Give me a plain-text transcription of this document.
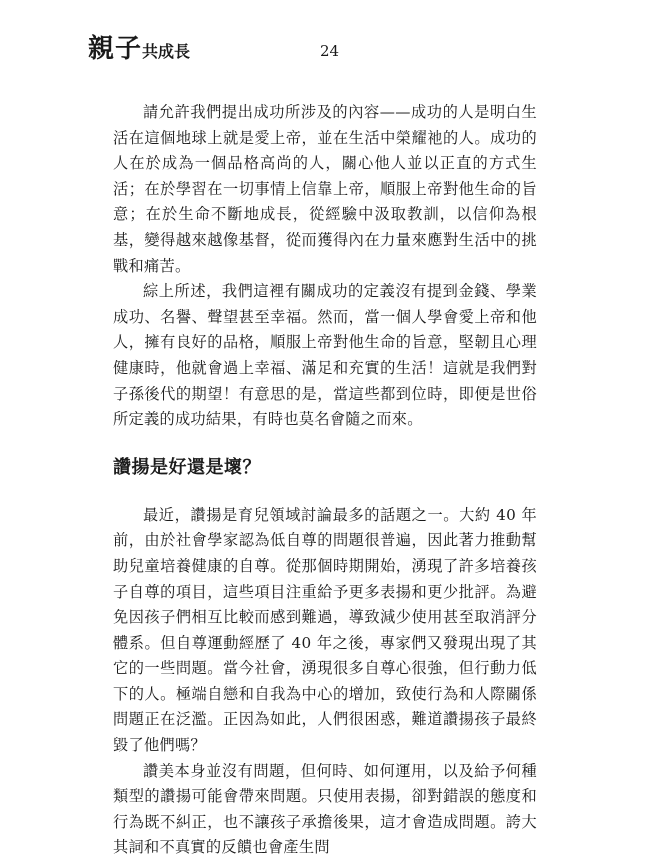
親子共成長	24

請允許我們提出成功所涉及的內容——成功的人是明白生活在這個地球上就是愛上帝，並在生活中榮耀祂的人。成功的人在於成為一個品格高尚的人，關心他人並以正直的方式生活；在於學習在一切事情上信靠上帝，順服上帝對他生命的旨意；在於生命不斷地成長，從經驗中汲取教訓，以信仰為根基，變得越來越像基督，從而獲得內在力量來應對生活中的挑戰和痛苦。

綜上所述，我們這裡有關成功的定義沒有提到金錢、學業成功、名譽、聲望甚至幸福。然而，當一個人學會愛上帝和他人，擁有良好的品格，順服上帝對他生命的旨意，堅韌且心理健康時，他就會過上幸福、滿足和充實的生活！這就是我們對子孫後代的期望！有意思的是，當這些都到位時，即便是世俗所定義的成功結果，有時也莫名會隨之而來。

讚揚是好還是壞？

最近，讚揚是育兒領域討論最多的話題之一。大約 40 年前，由於社會學家認為低自尊的問題很普遍，因此著力推動幫助兒童培養健康的自尊。從那個時期開始，湧現了許多培養孩子自尊的項目，這些項目注重給予更多表揚和更少批評。為避免因孩子們相互比較而感到難過，導致減少使用甚至取消評分體系。但自尊運動經歷了 40 年之後，專家們又發現出現了其它的一些問題。當今社會，湧現很多自尊心很強，但行動力低下的人。極端自戀和自我為中心的增加，致使行為和人際關係問題正在泛濫。正因為如此，人們很困惑，難道讚揚孩子最終毀了他們嗎？

讚美本身並沒有問題，但何時、如何運用，以及給予何種類型的讚揚可能會帶來問題。只使用表揚，卻對錯誤的態度和行為既不糾正，也不讓孩子承擔後果，這才會造成問題。誇大其詞和不真實的反饋也會產生問
